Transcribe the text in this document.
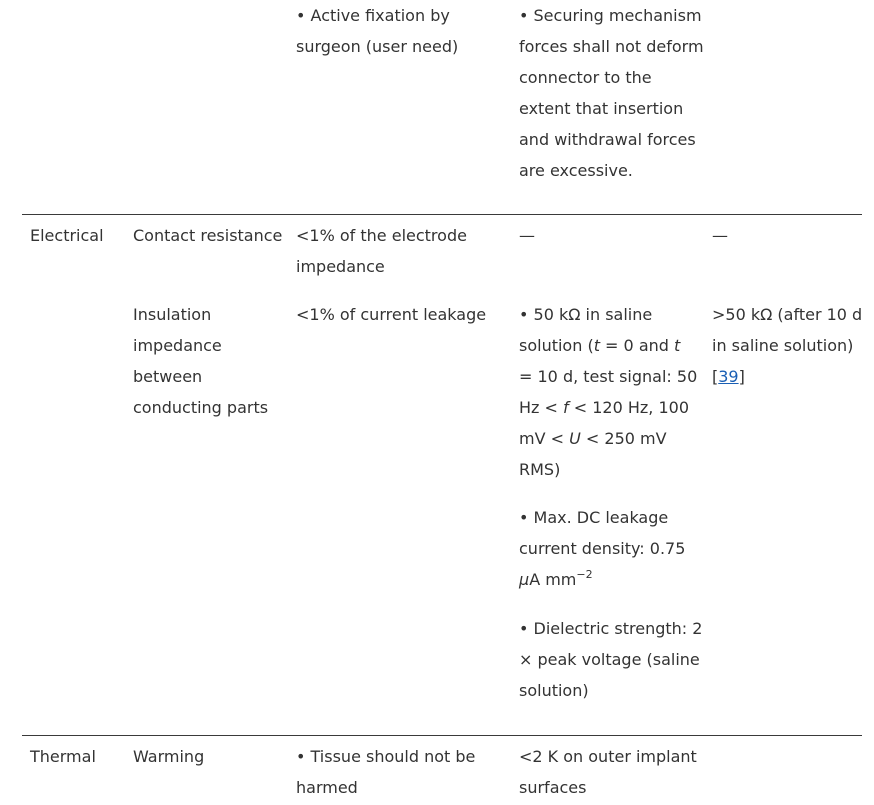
• Active fixation by
surgeon (user need)
• Securing mechanism
forces shall not deform
connector to the
extent that insertion
and withdrawal forces
are excessive.
Electrical Contact resistance <1% of the electrode
impedance
—	—
Insulation
impedance
between
conducting parts
<1% of current leakage • 50 kΩ in saline
solution (t = 0 and t
= 10 d, test signal: 50
Hz < f < 120 Hz, 100
mV < U < 250 mV
RMS)
• Max. DC leakage
current density: 0.75
μA $mm^{-2}$
• Dielectric strength: 2
× peak voltage (saline
solution)
>50 kΩ (after 10 d
in saline solution)
[39]
Thermal Warming	• Tissue should not be
harmed
<2 K on outer implant
surfaces
